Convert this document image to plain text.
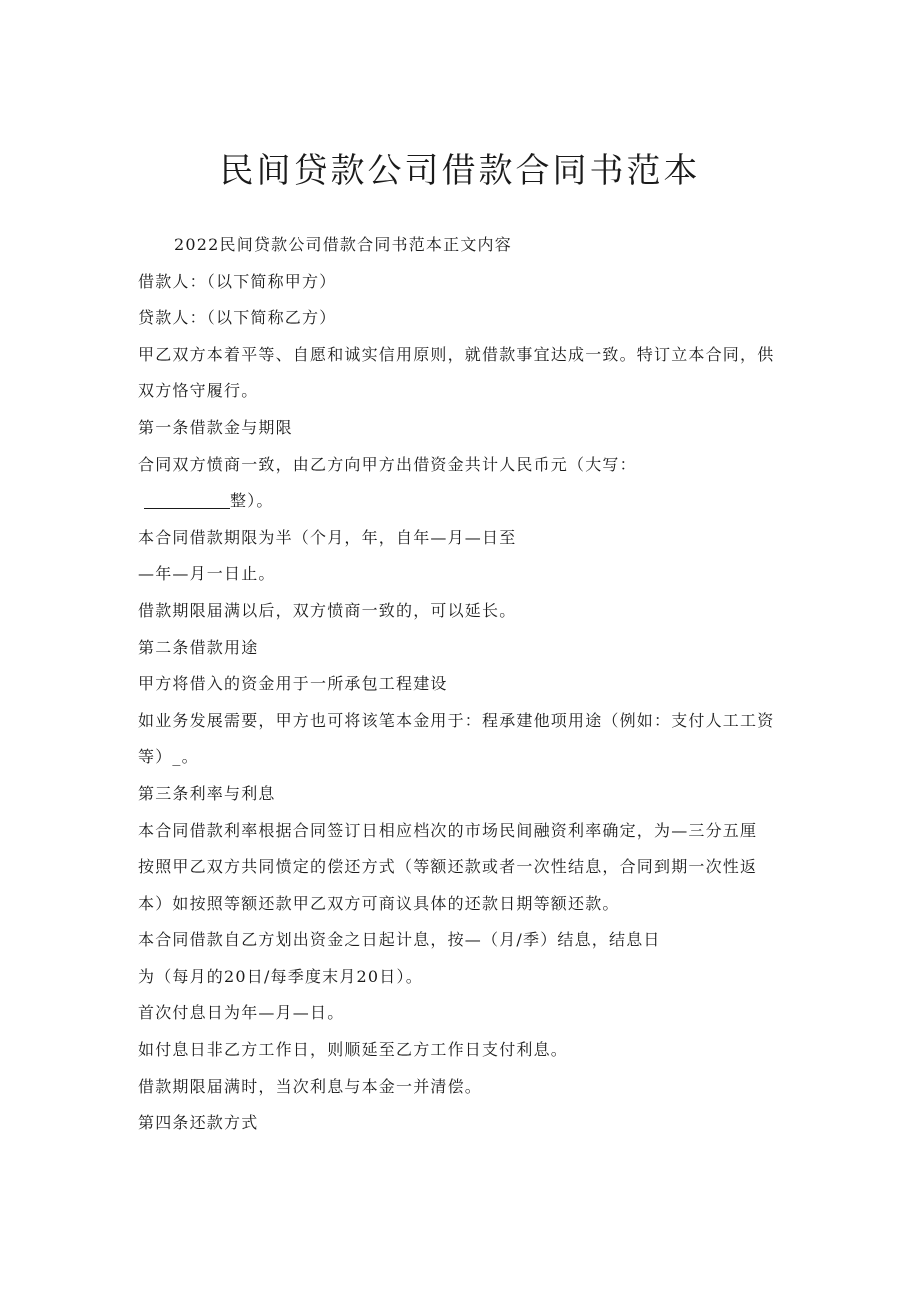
民间贷款公司借款合同书范本
2022民间贷款公司借款合同书范本正文内容
借款人：（以下简称甲方）
贷款人：（以下简称乙方）
甲乙双方本着平等、自愿和诚实信用原则，就借款事宜达成一致。特订立本合同，供
双方恪守履行。
第一条借款金与期限
合同双方愤商一致，由乙方向甲方出借资金共计人民币元（大写：
整）。
本合同借款期限为半（个月，年，自年—月—日至
—年—月一日止。
借款期限届满以后，双方愤商一致的，可以延长。
第二条借款用途
甲方将借入的资金用于一所承包工程建设
如业务发展需要，甲方也可将该笔本金用于：程承建他项用途（例如：支付人工工资
等）_。
第三条利率与利息
本合同借款利率根据合同签订日相应档次的市场民间融资利率确定，为—三分五厘
按照甲乙双方共同愤定的偿还方式（等额还款或者一次性结息，合同到期一次性返
本）如按照等额还款甲乙双方可商议具体的还款日期等额还款。
本合同借款自乙方划出资金之日起计息，按—（月/季）结息，结息日
为（每月的20日/每季度末月20日）。
首次付息日为年—月—日。
如付息日非乙方工作日，则顺延至乙方工作日支付利息。
借款期限届满时，当次利息与本金一并清偿。
第四条还款方式
